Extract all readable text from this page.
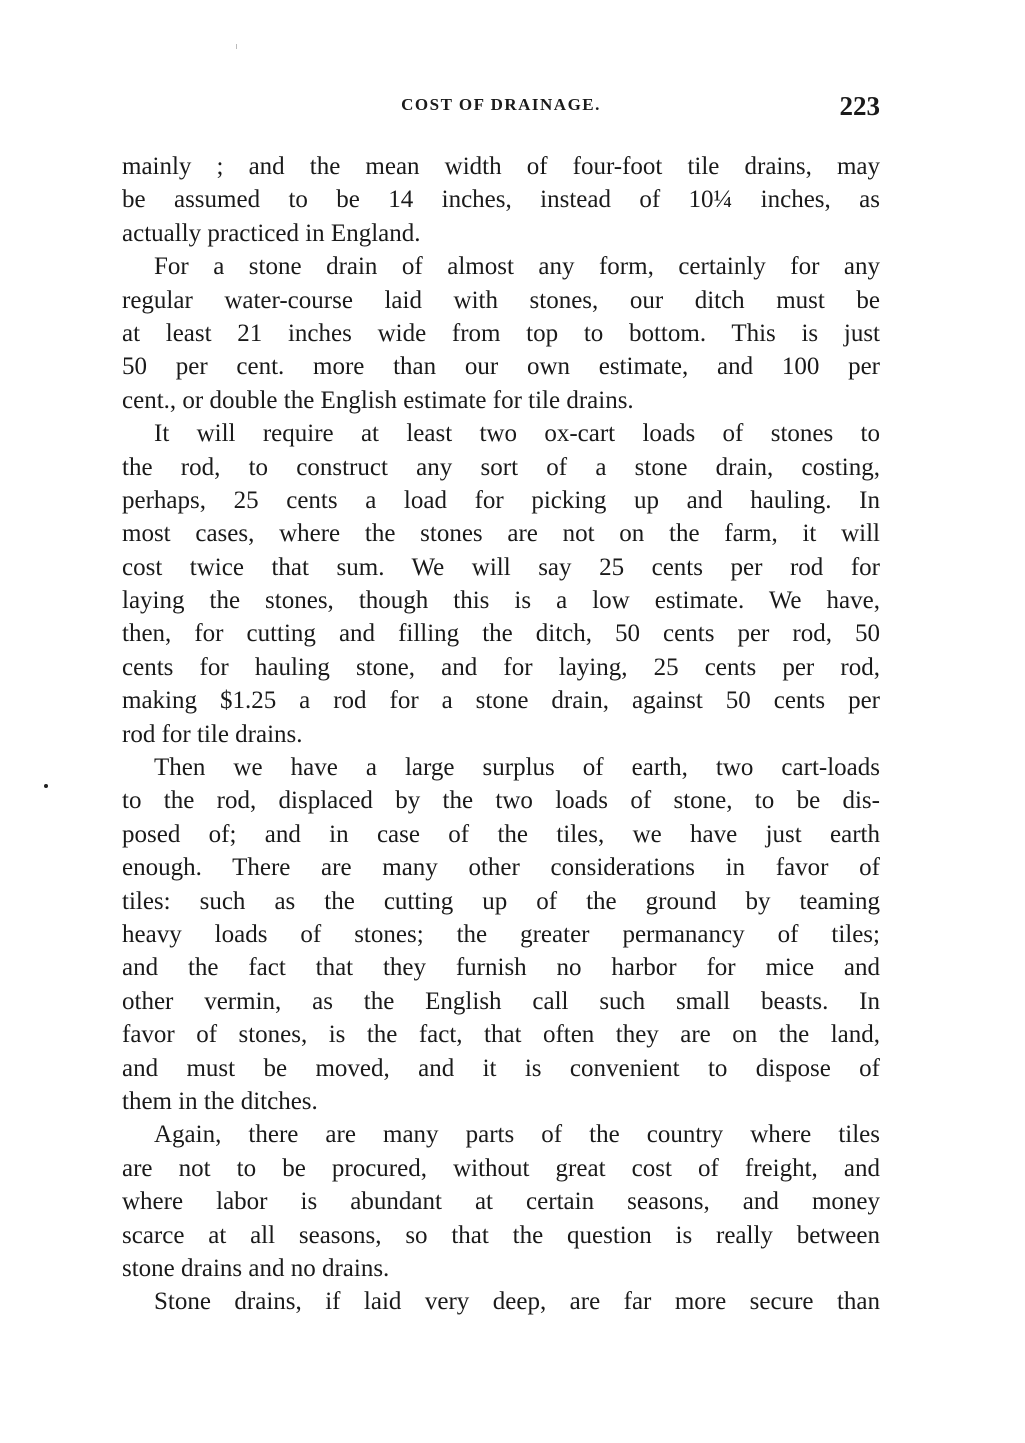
COST OF DRAINAGE.	223
mainly ; and the mean width of four-foot tile drains, may
be assumed to be 14 inches, instead of 10¼ inches, as
actually practiced in England.
For a stone drain of almost any form, certainly for any
regular water-course laid with stones, our ditch must be
at least 21 inches wide from top to bottom. This is just
50 per cent. more than our own estimate, and 100 per
cent., or double the English estimate for tile drains.
It will require at least two ox-cart loads of stones to
the rod, to construct any sort of a stone drain, costing,
perhaps, 25 cents a load for picking up and hauling. In
most cases, where the stones are not on the farm, it will
cost twice that sum. We will say 25 cents per rod for
laying the stones, though this is a low estimate. We have,
then, for cutting and filling the ditch, 50 cents per rod, 50
cents for hauling stone, and for laying, 25 cents per rod,
making $1.25 a rod for a stone drain, against 50 cents per
rod for tile drains.
Then we have a large surplus of earth, two cart-loads
to the rod, displaced by the two loads of stone, to be dis-
posed of; and in case of the tiles, we have just earth
enough. There are many other considerations in favor of
tiles: such as the cutting up of the ground by teaming
heavy loads of stones; the greater permanancy of tiles;
and the fact that they furnish no harbor for mice and
other vermin, as the English call such small beasts. In
favor of stones, is the fact, that often they are on the land,
and must be moved, and it is convenient to dispose of
them in the ditches.
Again, there are many parts of the country where tiles
are not to be procured, without great cost of freight, and
where labor is abundant at certain seasons, and money
scarce at all seasons, so that the question is really between
stone drains and no drains.
Stone drains, if laid very deep, are far more secure than
